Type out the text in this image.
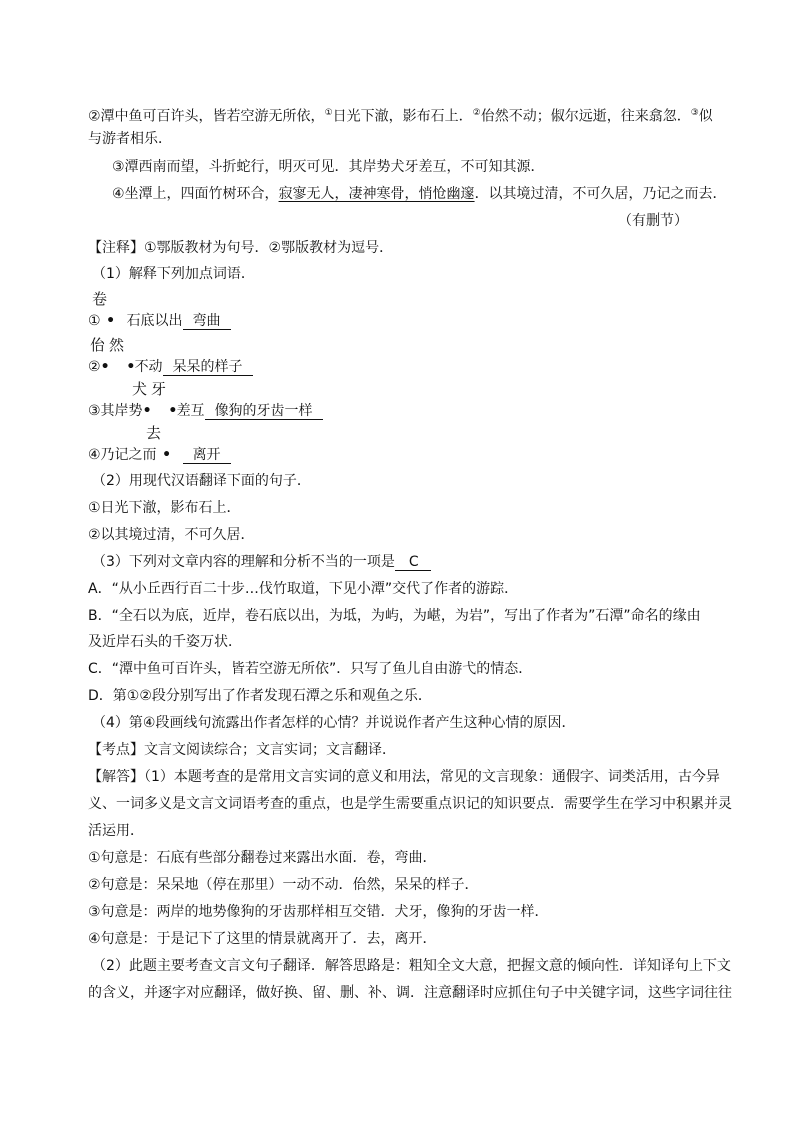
②潭中鱼可百许头，皆若空游无所依，①日光下澈，影布石上．②佁然不动；俶尔远逝，往来翕忽．③似
与游者相乐．
③潭西南而望，斗折蛇行，明灭可见．其岸势犬牙差互，不可知其源．
④坐潭上，四面竹树环合，寂寥无人，凄神寒骨，悄怆幽邃．以其境过清，不可久居，乃记之而去．
（有删节）
【注释】①鄂版教材为句号．②鄂版教材为逗号．
（1）解释下列加点词语．
卷
① • 石底以出 弯曲
佁然
②• •不动 呆呆的样子
犬牙
③其岸势• •差互 像狗的牙齿一样
去
④乃记之而 • 离开
（2）用现代汉语翻译下面的句子．
①日光下澈，影布石上．
②以其境过清，不可久居．
（3）下列对文章内容的理解和分析不当的一项是 C
A．“从小丘西行百二十步…伐竹取道，下见小潭”交代了作者的游踪．
B．“全石以为底，近岸，卷石底以出，为坻，为屿，为嵁，为岩”，写出了作者为”石潭”命名的缘由
及近岸石头的千姿万状．
C．“潭中鱼可百许头，皆若空游无所依”．只写了鱼儿自由游弋的情态．
D．第①②段分别写出了作者发现石潭之乐和观鱼之乐．
（4）第④段画线句流露出作者怎样的心情？并说说作者产生这种心情的原因．
【考点】文言文阅读综合；文言实词；文言翻译．
【解答】（1）本题考查的是常用文言实词的意义和用法，常见的文言现象：通假字、词类活用，古今异
义、一词多义是文言文词语考查的重点，也是学生需要重点识记的知识要点．需要学生在学习中积累并灵
活运用．
①句意是：石底有些部分翻卷过来露出水面．卷，弯曲．
②句意是：呆呆地（停在那里）一动不动．佁然，呆呆的样子．
③句意是：两岸的地势像狗的牙齿那样相互交错．犬牙，像狗的牙齿一样．
④句意是：于是记下了这里的情景就离开了．去，离开．
（2）此题主要考查文言文句子翻译．解答思路是：粗知全文大意，把握文意的倾向性．详知译句上下文
的含义，并逐字对应翻译，做好换、留、删、补、调．注意翻译时应抓住句子中关键字词，这些字词往往
